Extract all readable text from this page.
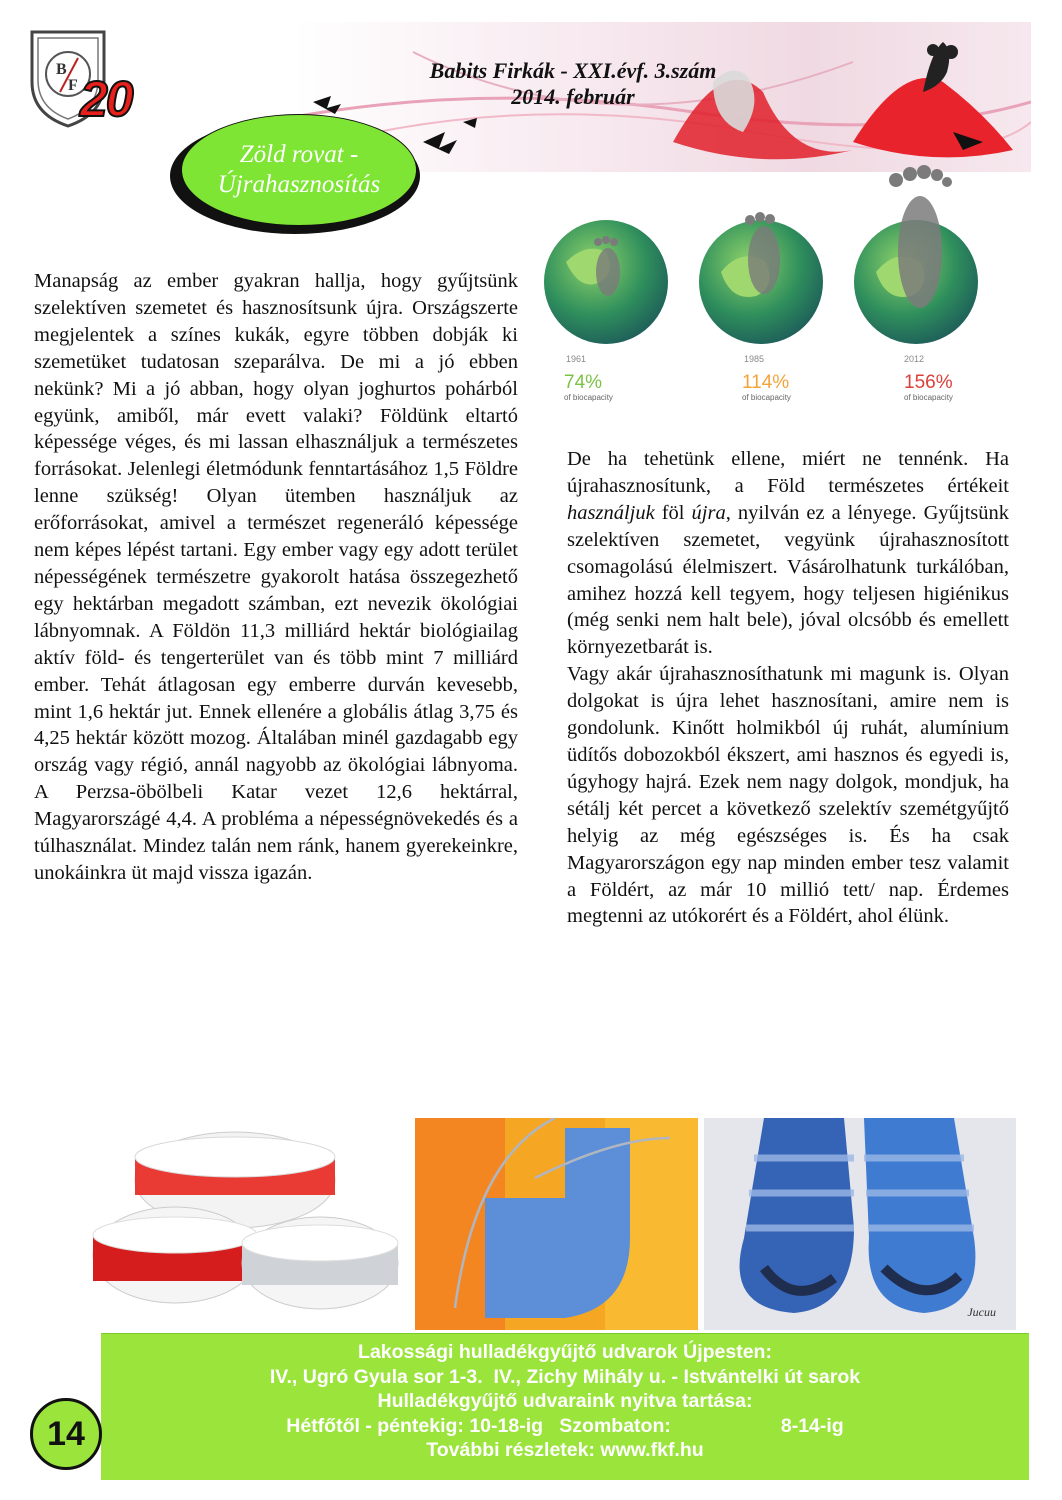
B
F 20
Babits Firkák - XXI.évf. 3.szám
2014. február
Zöld rovat -
Újrahasznosítás
1961
74%
of biocapacity
1985
114%
of biocapacity
2012
156%
of biocapacity

Manapság az ember gyakran hallja, hogy gyűjtsünk szelektíven szemetet és hasznosítsunk újra. Országszerte megjelentek a színes kukák, egyre többen dobják ki szemetüket tudatosan szeparálva. De mi a jó ebben nekünk? Mi a jó abban, hogy olyan joghurtos pohárból együnk, amiből, már evett valaki? Földünk eltartó képessége véges, és mi lassan elhasználjuk a természetes forrásokat. Jelenlegi életmódunk fenntartásához 1,5 Földre lenne szükség! Olyan ütemben használjuk az erőforrásokat, amivel a természet regeneráló képessége nem képes lépést tartani. Egy ember vagy egy adott terület népességének természetre gyakorolt hatása összegezhető egy hektárban megadott számban, ezt nevezik ökológiai lábnyomnak. A Földön 11,3 milliárd hektár biológiailag aktív föld- és tengerterület van és több mint 7 milliárd ember. Tehát átlagosan egy emberre durván kevesebb, mint 1,6 hektár jut. Ennek ellenére a globális átlag 3,75 és 4,25 hektár között mozog. Általában minél gazdagabb egy ország vagy régió, annál nagyobb az ökológiai lábnyoma. A Perzsa-öbölbeli Katar vezet 12,6 hektárral, Magyarországé 4,4. A probléma a népességnövekedés és a túlhasználat. Mindez talán nem ránk, hanem gyerekeinkre, unokáinkra üt majd vissza igazán.

De ha tehetünk ellene, miért ne tennénk. Ha újrahasznosítunk, a Föld természetes értékeit használjuk föl újra, nyilván ez a lényege. Gyűjtsünk szelektíven szemetet, vegyünk újrahasznosított csomagolású élelmiszert. Vásárolhatunk turkálóban, amihez hozzá kell tegyem, hogy teljesen higiénikus (még senki nem halt bele), jóval olcsóbb és emellett környezetbarát is.

Vagy akár újrahasznosíthatunk mi magunk is. Olyan dolgokat is újra lehet hasznosítani, amire nem is gondolunk. Kinőtt holmikból új ruhát, alumínium üdítős dobozokból ékszert, ami hasznos és egyedi is, úgyhogy hajrá. Ezek nem nagy dolgok, mondjuk, ha sétálj két percet a következő szelektív szemétgyűjtő helyig az még egészséges is. És ha csak Magyarországon egy nap minden ember tesz valamit a Földért, az már 10 millió tett/ nap. Érdemes megtenni az utókorért és a Földért, ahol élünk.

Jucuu
Lakossági hulladékgyűjtő udvarok Újpesten:
IV., Ugró Gyula sor 1-3.  IV., Zichy Mihály u. - Istvántelki út sarok
Hulladékgyűjtő udvaraink nyitva tartása:
Hétfőtől - péntekig: 10-18-ig   Szombaton:	8-14-ig
További részletek: www.fkf.hu
14
